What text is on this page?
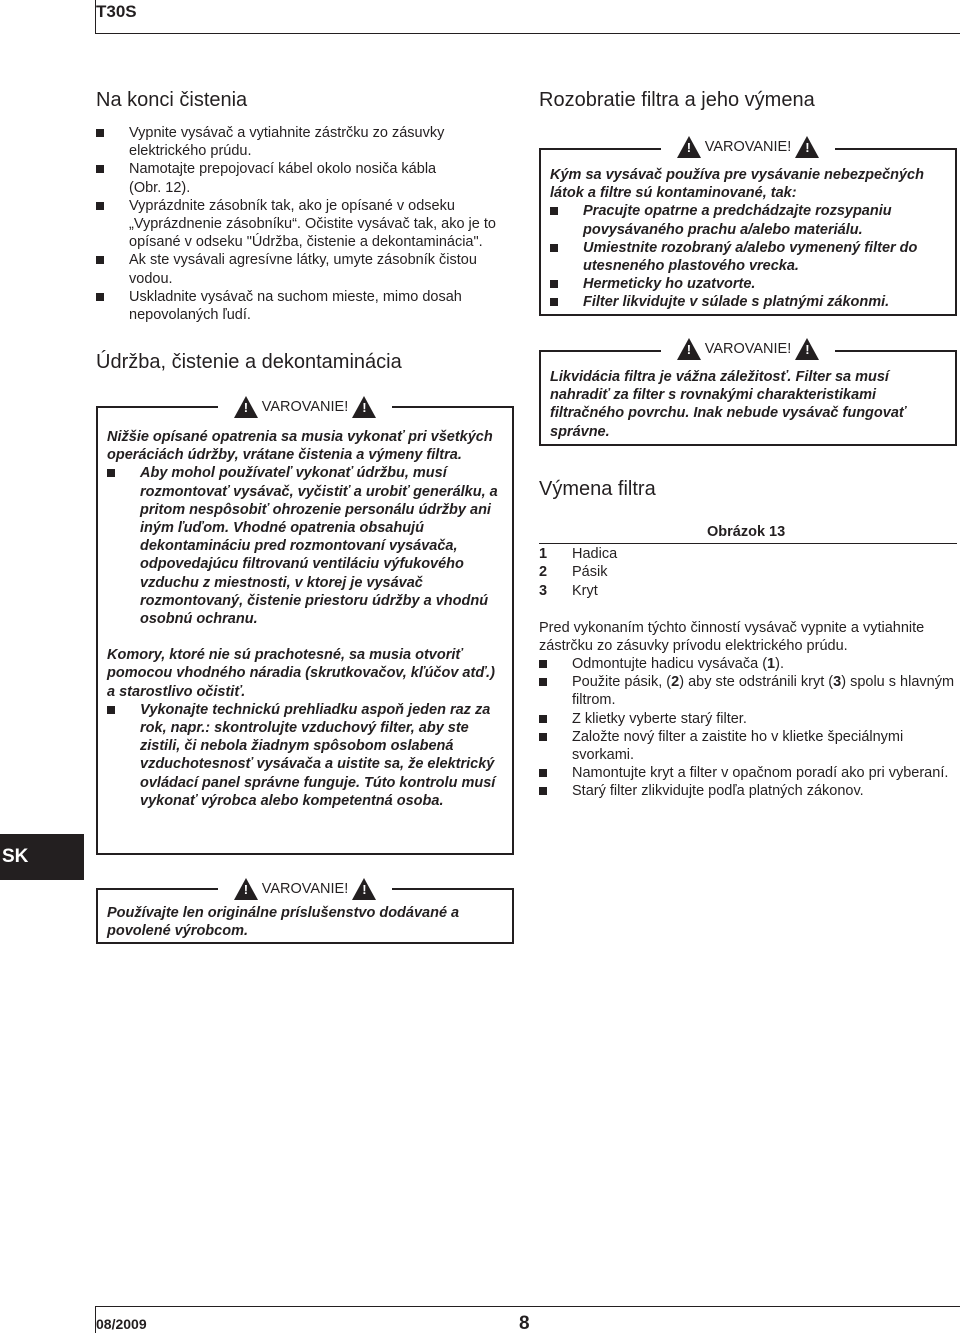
T30S
08/2009	8
SK
Na konci čistenia
Vypnite vysávač a vytiahnite zástrčku zo zásuvky elektrického prúdu.
Namotajte prepojovací kábel okolo nosiča kábla (Obr. 12).
Vyprázdnite zásobník tak, ako je opísané v odseku „Vyprázdnenie zásobníku“. Očistite vysávač tak, ako je to opísané v odseku "Údržba, čistenie a dekontaminácia".
Ak ste vysávali agresívne látky, umyte zásobník čistou vodou.
Uskladnite vysávač na suchom mieste, mimo dosah nepovolaných ľudí.
Údržba, čistenie a dekontaminácia
! VAROVANIE! !

Nižšie opísané opatrenia sa musia vykonať pri všetkých operáciách údržby, vrátane čistenia a výmeny filtra.

Aby mohol používateľ vykonať údržbu, musí rozmontovať vysávač, vyčistiť a urobiť generálku, a pritom nespôsobiť ohrozenie personálu údržby ani iným ľuďom. Vhodné opatrenia obsahujú dekontamináciu pred rozmontovaní vysávača, odpovedajúcu filtrovanú ventiláciu výfukového vzduchu z miestnosti, v ktorej je vysávač rozmontovaný, čistenie priestoru údržby a vhodnú osobnú ochranu.

Komory, ktoré nie sú prachotesné, sa musia otvoriť pomocou vhodného náradia (skrutkovačov, kľúčov atď.) a starostlivo očistiť.

Vykonajte technickú prehliadku aspoň jeden raz za rok, napr.: skontrolujte vzduchový filter, aby ste zistili, či nebola žiadnym spôsobom oslabená vzduchotesnosť vysávača a uistite sa, že elektrický ovládací panel správne funguje. Túto kontrolu musí vykonať výrobca alebo kompetentná osoba.
! VAROVANIE! !
Používajte len originálne príslušenstvo dodávané a povolené výrobcom.
Rozobratie filtra a jeho výmena
! VAROVANIE! !

Kým sa vysávač používa pre vysávanie nebezpečných látok a filtre sú kontaminované, tak:

Pracujte opatrne a predchádzajte rozsypaniu povysávaného prachu a/alebo materiálu.
Umiestnite rozobraný a/alebo vymenený filter do utesneného plastového vrecka.
Hermeticky ho uzatvorte.
Filter likvidujte v súlade s platnými zákonmi.
! VAROVANIE! !
Likvidácia filtra je vážna záležitosť. Filter sa musí nahradiť za filter s rovnakými charakteristikami filtračného povrchu. Inak nebude vysávač fungovať správne.
Výmena filtra
Obrázok 13
1 Hadica
2 Pásik
3 Kryt

Pred vykonaním týchto činností vysávač vypnite a vytiahnite zástrčku zo zásuvky prívodu elektrického prúdu.

Odmontujte hadicu vysávača (1).
Použite pásik, (2) aby ste odstránili kryt (3) spolu s hlavným filtrom.
Z klietky vyberte starý filter.
Založte nový filter a zaistite ho v klietke špeciálnymi svorkami.
Namontujte kryt a filter v opačnom poradí ako pri vyberaní.
Starý filter zlikvidujte podľa platných zákonov.
